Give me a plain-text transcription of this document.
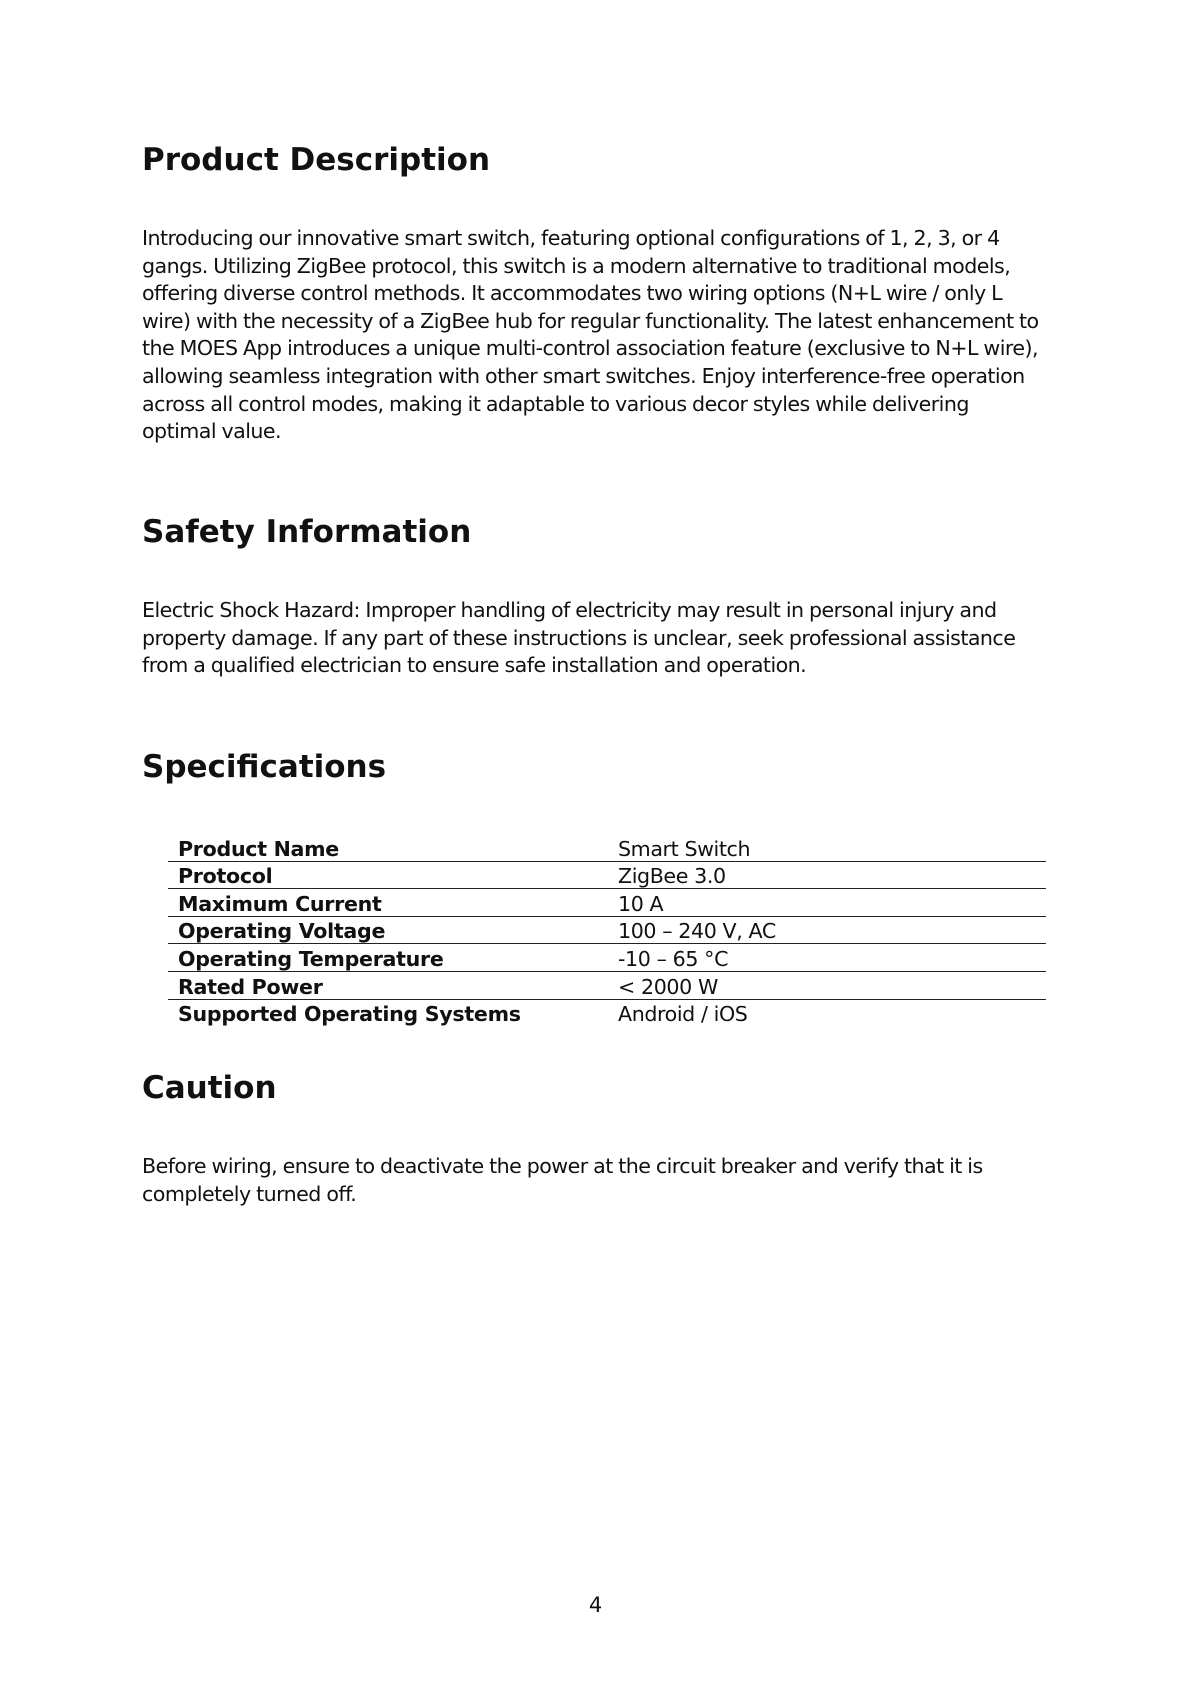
Product Description

Introducing our innovative smart switch, featuring optional configurations of 1, 2, 3, or 4 gangs. Utilizing ZigBee protocol, this switch is a modern alternative to traditional models, offering diverse control methods. It accommodates two wiring options (N+L wire / only L wire) with the necessity of a ZigBee hub for regular functionality. The latest enhancement to the MOES App introduces a unique multi-control association feature (exclusive to N+L wire), allowing seamless integration with other smart switches. Enjoy interference-free operation across all control modes, making it adaptable to various decor styles while delivering optimal value.

Safety Information

Electric Shock Hazard: Improper handling of electricity may result in personal injury and property damage. If any part of these instructions is unclear, seek professional assistance from a qualified electrician to ensure safe installation and operation.

Specifications
Product Name	Smart Switch
Protocol	ZigBee 3.0
Maximum Current	10 A
Operating Voltage	100 – 240 V, AC
Operating Temperature	-10 – 65 °C
Rated Power	< 2000 W
Supported Operating Systems	Android / iOS
Caution

Before wiring, ensure to deactivate the power at the circuit breaker and verify that it is completely turned off.

4
